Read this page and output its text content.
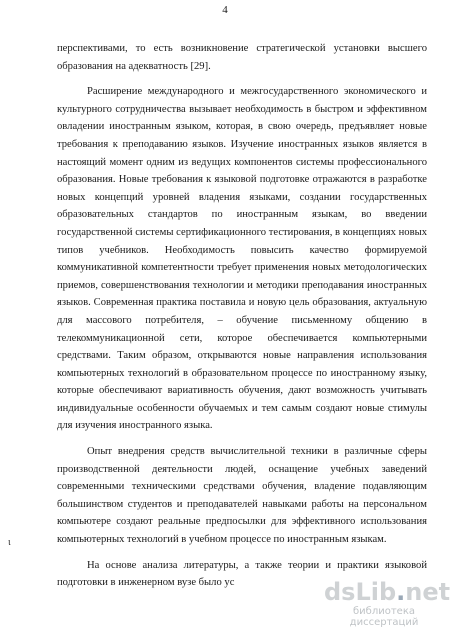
4

перспективами, то есть возникновение стратегической установки высшего образования на адекватность [29].

Расширение международного и межгосударственного экономического и культурного сотрудничества вызывает необходимость в быстром и эффективном овладении иностранным языком, которая, в свою очередь, предъявляет новые требования к преподаванию языков. Изучение иностранных языков является в настоящий момент одним из ведущих компонентов системы профессионального образования. Новые требования к языковой подготовке отражаются в разработке новых концепций уровней владения языками, создании государственных образовательных стандартов по иностранным языкам, во введении государственной системы сертификационного тестирования, в концепциях новых типов учебников. Необходимость повысить качество формируемой коммуникативной компетентности требует применения новых методологических приемов, совершенствования технологии и методики преподавания иностранных языков. Современная практика поставила и новую цель образования, актуальную для массового потребителя, – обучение письменному общению в телекоммуникационной сети, которое обеспечивается компьютерными средствами. Таким образом, открываются новые направления использования компьютерных технологий в образовательном процессе по иностранному языку, которые обеспечивают вариативность обучения, дают возможность учитывать индивидуальные особенности обучаемых и тем самым создают новые стимулы для изучения иностранного языка.

Опыт внедрения средств вычислительной техники в различные сферы производственной деятельности людей, оснащение учебных заведений современными техническими средствами обучения, владение подавляющим большинством студентов и преподавателей навыками работы на персональном компьютере создают реальные предпосылки для эффективного использования компьютерных технологий в учебном процессе по иностранным языкам.

На основе анализа литературы, а также теории и практики языковой подготовки в инженерном вузе было ус

ι
dsLib.net
библиотека диссертаций
